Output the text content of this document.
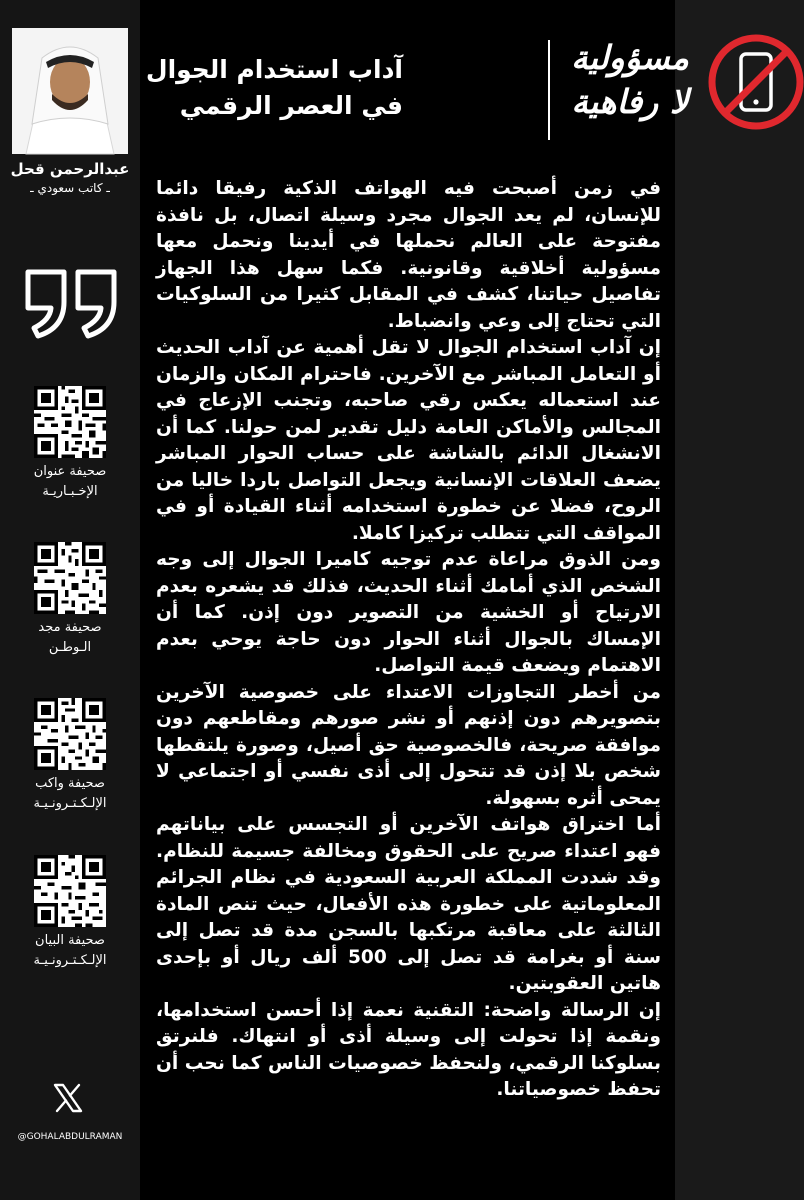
عبدالرحمن قحل
ـ كاتب سعودي ـ
صحيفة عنوان
الإخـبـاريـة
صحيفة مجد
الـوطـن
صحيفة واكب
الإلـكـتـرونـيـة
صحيفة البيان
الإلـكـتـرونـيـة
@GOHALABDULRAMAN
آداب استخدام الجوال
في العصر الرقمي
مسؤولية
لا رفاهية

في زمن أصبحت فيه الهواتف الذكية رفيقا دائما للإنسان، لم يعد الجوال مجرد وسيلة اتصال، بل نافذة مفتوحة على العالم نحملها في أيدينا ونحمل معها مسؤولية أخلاقية وقانونية. فكما سهل هذا الجهاز تفاصيل حياتنا، كشف في المقابل كثيرا من السلوكيات التي تحتاج إلى وعي وانضباط.

إن آداب استخدام الجوال لا تقل أهمية عن آداب الحديث أو التعامل المباشر مع الآخرين. فاحترام المكان والزمان عند استعماله يعكس رقي صاحبه، وتجنب الإزعاج في المجالس والأماكن العامة دليل تقدير لمن حولنا. كما أن الانشغال الدائم بالشاشة على حساب الحوار المباشر يضعف العلاقات الإنسانية ويجعل التواصل باردا خاليا من الروح، فضلا عن خطورة استخدامه أثناء القيادة أو في المواقف التي تتطلب تركيزا كاملا.

ومن الذوق مراعاة عدم توجيه كاميرا الجوال إلى وجه الشخص الذي أمامك أثناء الحديث، فذلك قد يشعره بعدم الارتياح أو الخشية من التصوير دون إذن. كما أن الإمساك بالجوال أثناء الحوار دون حاجة يوحي بعدم الاهتمام ويضعف قيمة التواصل.

من أخطر التجاوزات الاعتداء على خصوصية الآخرين بتصويرهم دون إذنهم أو نشر صورهم ومقاطعهم دون موافقة صريحة، فالخصوصية حق أصيل، وصورة يلتقطها شخص بلا إذن قد تتحول إلى أذى نفسي أو اجتماعي لا يمحى أثره بسهولة.

أما اختراق هواتف الآخرين أو التجسس على بياناتهم فهو اعتداء صريح على الحقوق ومخالفة جسيمة للنظام. وقد شددت المملكة العربية السعودية في نظام الجرائم المعلوماتية على خطورة هذه الأفعال، حيث تنص المادة الثالثة على معاقبة مرتكبها بالسجن مدة قد تصل إلى سنة أو بغرامة قد تصل إلى 500 ألف ريال أو بإحدى هاتين العقوبتين.

إن الرسالة واضحة: التقنية نعمة إذا أحسن استخدامها، ونقمة إذا تحولت إلى وسيلة أذى أو انتهاك. فلنرتق بسلوكنا الرقمي، ولنحفظ خصوصيات الناس كما نحب أن تحفظ خصوصياتنا.
